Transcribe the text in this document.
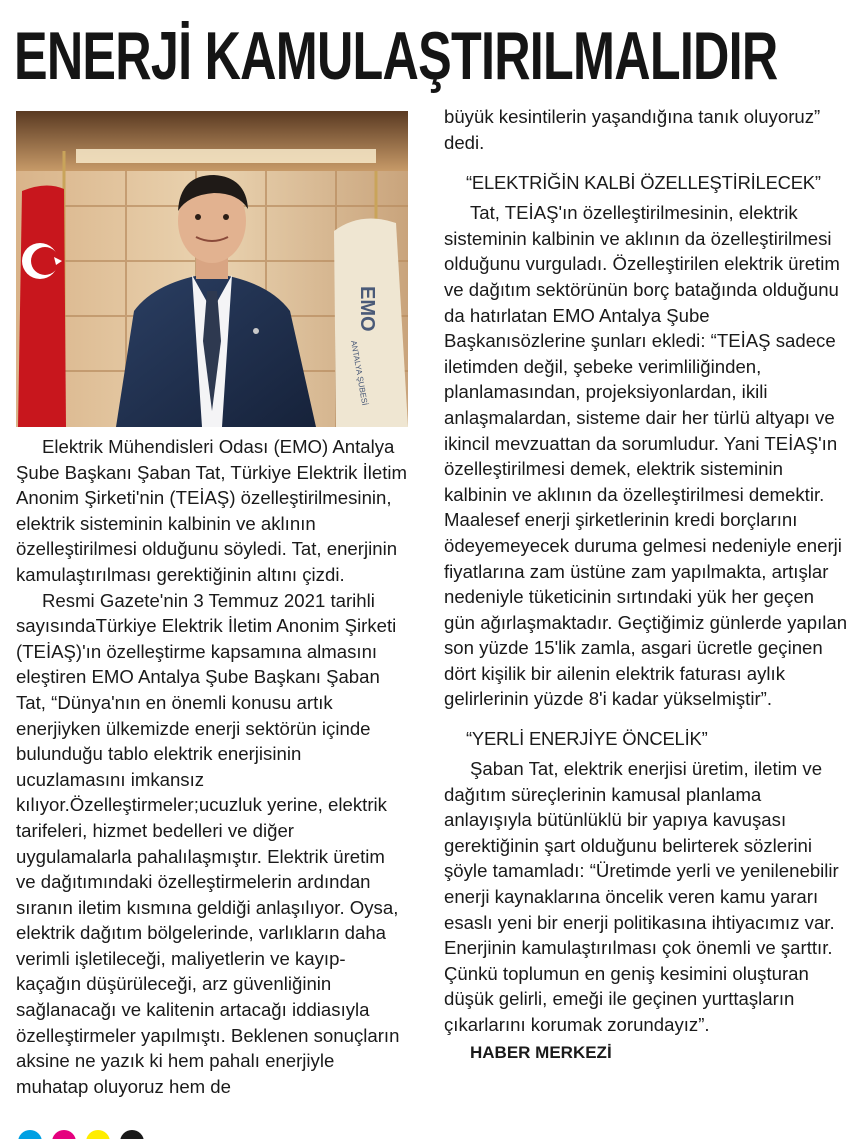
ENERJİ KAMULAŞTIRILMALIDIR
EMO
ANTALYA ŞUBESİ

Elektrik Mühendisleri Odası (EMO) Antalya Şube Başkanı Şaban Tat, Türkiye Elektrik İletim Anonim Şirketi'nin (TEİAŞ) özelleştirilmesinin, elektrik sisteminin kalbinin ve aklının özelleştirilmesi olduğunu söyledi. Tat, enerjinin kamulaştırılması gerektiğinin altını çizdi.

Resmi Gazete'nin 3 Temmuz 2021 tarihli sayısındaTürkiye Elektrik İletim Anonim Şirketi (TEİAŞ)'ın özelleştirme kapsamına almasını eleştiren EMO Antalya Şube Başkanı Şaban Tat, “Dünya'nın en önemli konusu artık enerjiyken ülkemizde enerji sektörün içinde bulunduğu tablo elektrik enerjisinin ucuzlamasını imkansız kılıyor.Özelleştirmeler;ucuzluk yerine, elektrik tarifeleri, hizmet bedelleri ve diğer uygulamalarla pahalılaşmıştır. Elektrik üretim ve dağıtımındaki özelleştirmelerin ardından sıranın iletim kısmına geldiği anlaşılıyor. Oysa, elektrik dağıtım bölgelerinde, varlıkların daha verimli işletileceği, maliyetlerin ve kayıp-kaçağın düşürüleceği, arz güvenliğinin sağlanacağı ve kalitenin artacağı iddiasıyla özelleştirmeler yapılmıştı. Beklenen sonuçların aksine ne yazık ki hem pahalı enerjiyle muhatap oluyoruz hem de

büyük kesintilerin yaşandığına tanık oluyoruz” dedi.

“ELEKTRİĞİN KALBİ ÖZELLEŞTİRİLECEK”

Tat, TEİAŞ'ın özelleştirilmesinin, elektrik sisteminin kalbinin ve aklının da özelleştirilmesi olduğunu vurguladı. Özelleştirilen elektrik üretim ve dağıtım sektörünün borç batağında olduğunu da hatırlatan EMO Antalya Şube Başkanısözlerine şunları ekledi: “TEİAŞ sadece iletimden değil, şebeke verimliliğinden, planlamasından, projeksiyonlardan, ikili anlaşmalardan, sisteme dair her türlü altyapı ve ikincil mevzuattan da sorumludur. Yani TEİAŞ'ın özelleştirilmesi demek, elektrik sisteminin kalbinin ve aklının da özelleştirilmesi demektir. Maalesef enerji şirketlerinin kredi borçlarını ödeyemeyecek duruma gelmesi nedeniyle enerji fiyatlarına zam üstüne zam yapılmakta, artışlar nedeniyle tüketicinin sırtındaki yük her geçen gün ağırlaşmaktadır. Geçtiğimiz günlerde yapılan son yüzde 15'lik zamla, asgari ücretle geçinen dört kişilik bir ailenin elektrik faturası aylık gelirlerinin yüzde 8'i kadar yükselmiştir”.

“YERLİ ENERJİYE ÖNCELİK”

Şaban Tat, elektrik enerjisi üretim, iletim ve dağıtım süreçlerinin kamusal planlama anlayışıyla bütünlüklü bir yapıya kavuşası gerektiğinin şart olduğunu belirterek sözlerini şöyle tamamladı: “Üretimde yerli ve yenilenebilir enerji kaynaklarına öncelik veren kamu yararı esaslı yeni bir enerji politikasına ihtiyacımız var. Enerjinin kamulaştırılması çok önemli ve şarttır. Çünkü toplumun en geniş kesimini oluşturan düşük gelirli, emeği ile geçinen yurttaşların çıkarlarını korumak zorundayız”.

HABER MERKEZİ
